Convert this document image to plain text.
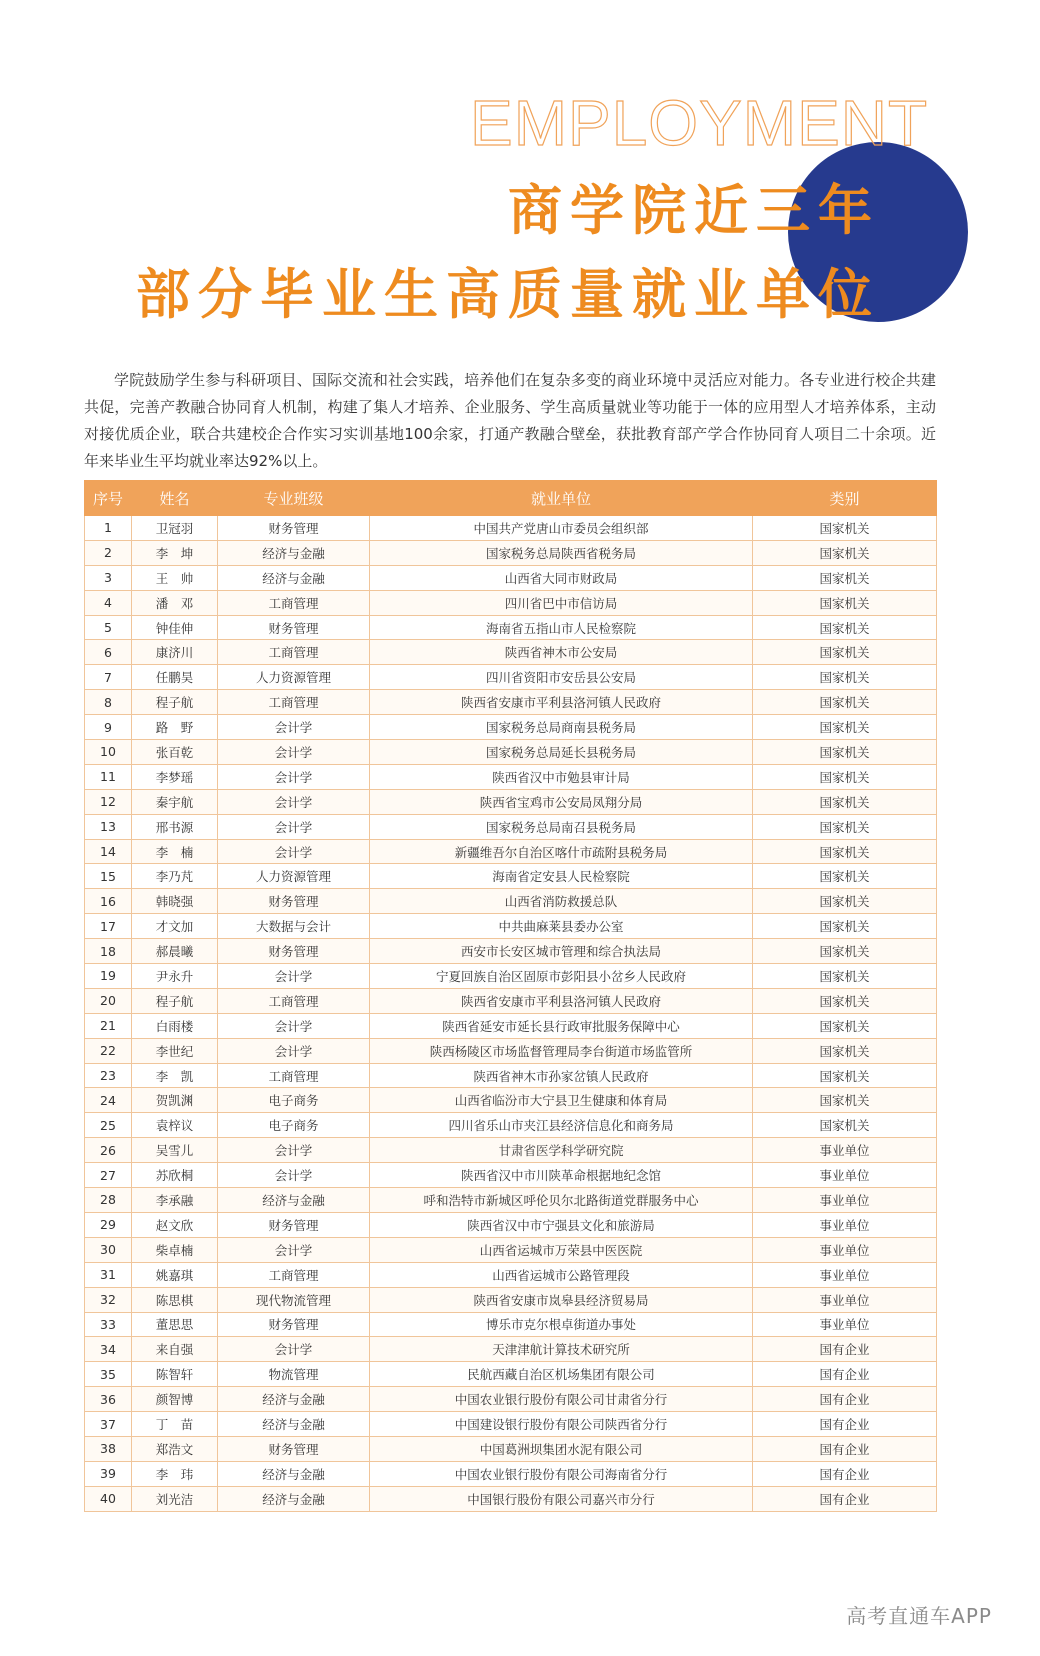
EMPLOYMENT
商学院近三年
部分毕业生高质量就业单位

学院鼓励学生参与科研项目、国际交流和社会实践，培养他们在复杂多变的商业环境中灵活应对能力。各专业进行校企共建共促，完善产教融合协同育人机制，构建了集人才培养、企业服务、学生高质量就业等功能于一体的应用型人才培养体系，主动对接优质企业，联合共建校企合作实习实训基地100余家，打通产教融合壁垒，获批教育部产学合作协同育人项目二十余项。近年来毕业生平均就业率达92%以上。

序号	姓名	专业班级	就业单位	类别
1	卫冠羽	财务管理	中国共产党唐山市委员会组织部	国家机关
2	李　坤	经济与金融	国家税务总局陕西省税务局	国家机关
3	王　帅	经济与金融	山西省大同市财政局	国家机关
4	潘　邓	工商管理	四川省巴中市信访局	国家机关
5	钟佳伸	财务管理	海南省五指山市人民检察院	国家机关
6	康济川	工商管理	陕西省神木市公安局	国家机关
7	任鹏昊	人力资源管理	四川省资阳市安岳县公安局	国家机关
8	程子航	工商管理	陕西省安康市平利县洛河镇人民政府	国家机关
9	路　野	会计学	国家税务总局商南县税务局	国家机关
10	张百乾	会计学	国家税务总局延长县税务局	国家机关
11	李梦瑶	会计学	陕西省汉中市勉县审计局	国家机关
12	秦宇航	会计学	陕西省宝鸡市公安局凤翔分局	国家机关
13	邢书源	会计学	国家税务总局南召县税务局	国家机关
14	李　楠	会计学	新疆维吾尔自治区喀什市疏附县税务局	国家机关
15	李乃芃	人力资源管理	海南省定安县人民检察院	国家机关
16	韩晓强	财务管理	山西省消防救援总队	国家机关
17	才文加	大数据与会计	中共曲麻莱县委办公室	国家机关
18	郝晨曦	财务管理	西安市长安区城市管理和综合执法局	国家机关
19	尹永升	会计学	宁夏回族自治区固原市彭阳县小岔乡人民政府	国家机关
20	程子航	工商管理	陕西省安康市平利县洛河镇人民政府	国家机关
21	白雨楼	会计学	陕西省延安市延长县行政审批服务保障中心	国家机关
22	李世纪	会计学	陕西杨陵区市场监督管理局李台街道市场监管所	国家机关
23	李　凯	工商管理	陕西省神木市孙家岔镇人民政府	国家机关
24	贺凯渊	电子商务	山西省临汾市大宁县卫生健康和体育局	国家机关
25	袁梓议	电子商务	四川省乐山市夹江县经济信息化和商务局	国家机关
26	吴雪儿	会计学	甘肃省医学科学研究院	事业单位
27	苏欣桐	会计学	陕西省汉中市川陕革命根据地纪念馆	事业单位
28	李承融	经济与金融	呼和浩特市新城区呼伦贝尔北路街道党群服务中心	事业单位
29	赵文欣	财务管理	陕西省汉中市宁强县文化和旅游局	事业单位
30	柴卓楠	会计学	山西省运城市万荣县中医医院	事业单位
31	姚嘉琪	工商管理	山西省运城市公路管理段	事业单位
32	陈思棋	现代物流管理	陕西省安康市岚皋县经济贸易局	事业单位
33	董思思	财务管理	博乐市克尔根卓街道办事处	事业单位
34	来自强	会计学	天津津航计算技术研究所	国有企业
35	陈智轩	物流管理	民航西藏自治区机场集团有限公司	国有企业
36	颜智博	经济与金融	中国农业银行股份有限公司甘肃省分行	国有企业
37	丁　苗	经济与金融	中国建设银行股份有限公司陕西省分行	国有企业
38	郑浩文	财务管理	中国葛洲坝集团水泥有限公司	国有企业
39	李　玮	经济与金融	中国农业银行股份有限公司海南省分行	国有企业
40	刘光洁	经济与金融	中国银行股份有限公司嘉兴市分行	国有企业
高考直通车APP
